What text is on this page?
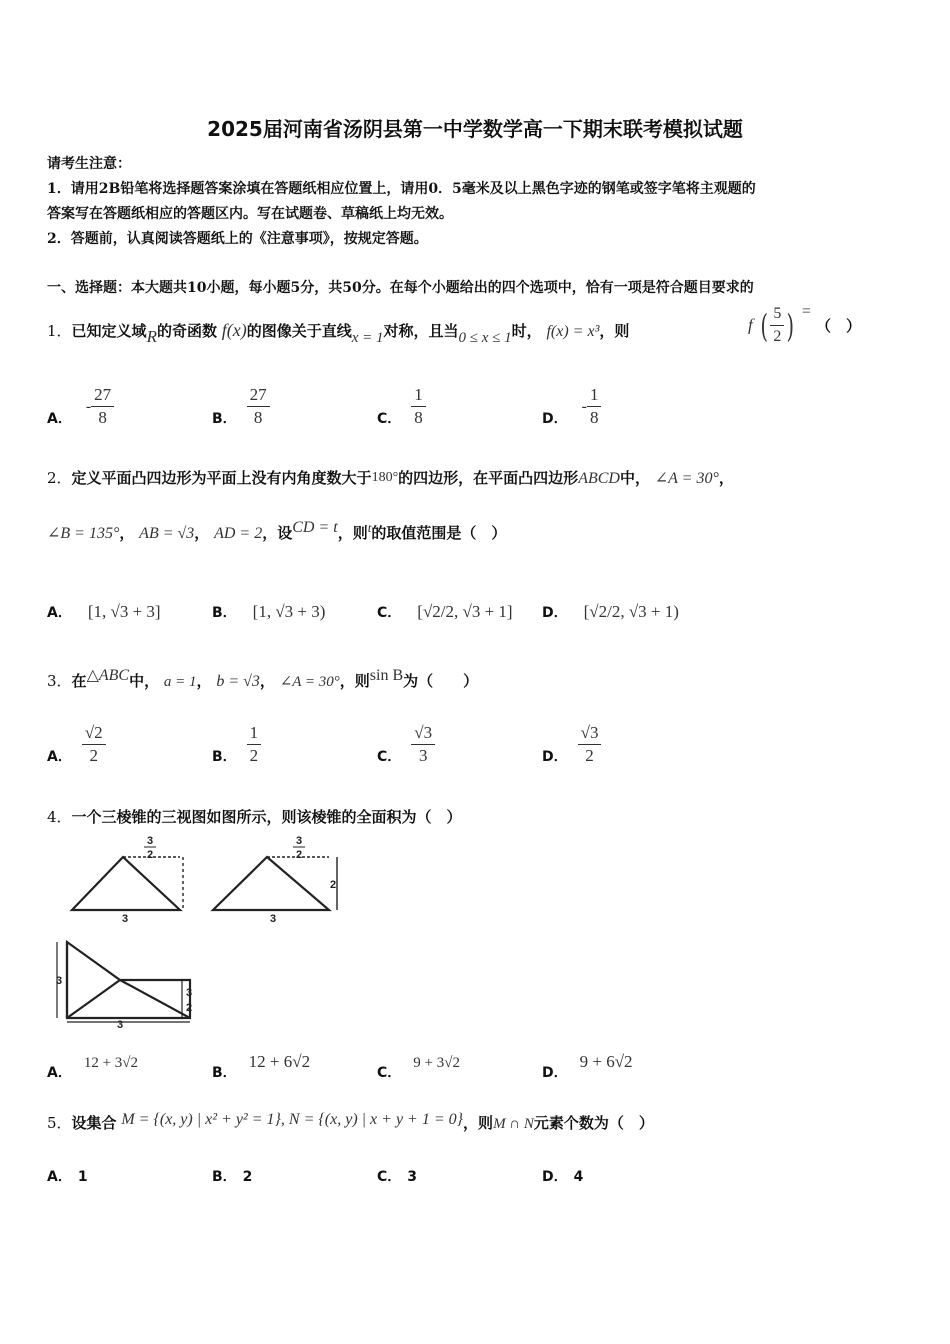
2025届河南省汤阴县第一中学数学高一下期末联考模拟试题
请考生注意：
1．请用2B铅笔将选择题答案涂填在答题纸相应位置上，请用0．5毫米及以上黑色字迹的钢笔或签字笔将主观题的
答案写在答题纸相应的答题区内。写在试题卷、草稿纸上均无效。
2．答题前，认真阅读答题纸上的《注意事项》，按规定答题。
一、选择题：本大题共10小题，每小题5分，共50分。在每个小题给出的四个选项中，恰有一项是符合题目要求的
1．已知定义域R的奇函数 f(x)的图像关于直线x = 1对称，且当0 ≤ x ≤ 1时， f(x) = x³，则	f ( $\frac{5}{2}$ ) = （　）
A．- $\frac{27}{8}$	B． $\frac{27}{8}$	C． $\frac{1}{8}$	D．- $\frac{1}{8}$
2．定义平面凸四边形为平面上没有内角度数大于180°的四边形，在平面凸四边形ABCD中， ∠A = 30°，
∠B = 135°， AB = √3， AD = 2，设CD = t，则t的取值范围是（　）
A． [1, √3 + 3]	B． [1, √3 + 3)	C． [√2/2, √3 + 1] D． [√2/2, √3 + 1)
3．在△ABC中， a = 1， b = √3， ∠A = 30°，则sin B为（　　）
A． $\frac{√2}{2}$	B． $\frac{1}{2}$	C． $\frac{√3}{3}$	D． $\frac{√3}{2}$
4．一个三棱锥的三视图如图所示，则该棱锥的全面积为（　）
3
2
3
3
2
2
3
3
3
3
2
A．12 + 3√2
B．12 + 6√2
C．9 + 3√2
D．9 + 6√2
5．设集合 M = {(x, y) | x² + y² = 1}, N = {(x, y) | x + y + 1 = 0}，则M ∩ N元素个数为（　）
A． 1	B． 2	C． 3	D． 4
